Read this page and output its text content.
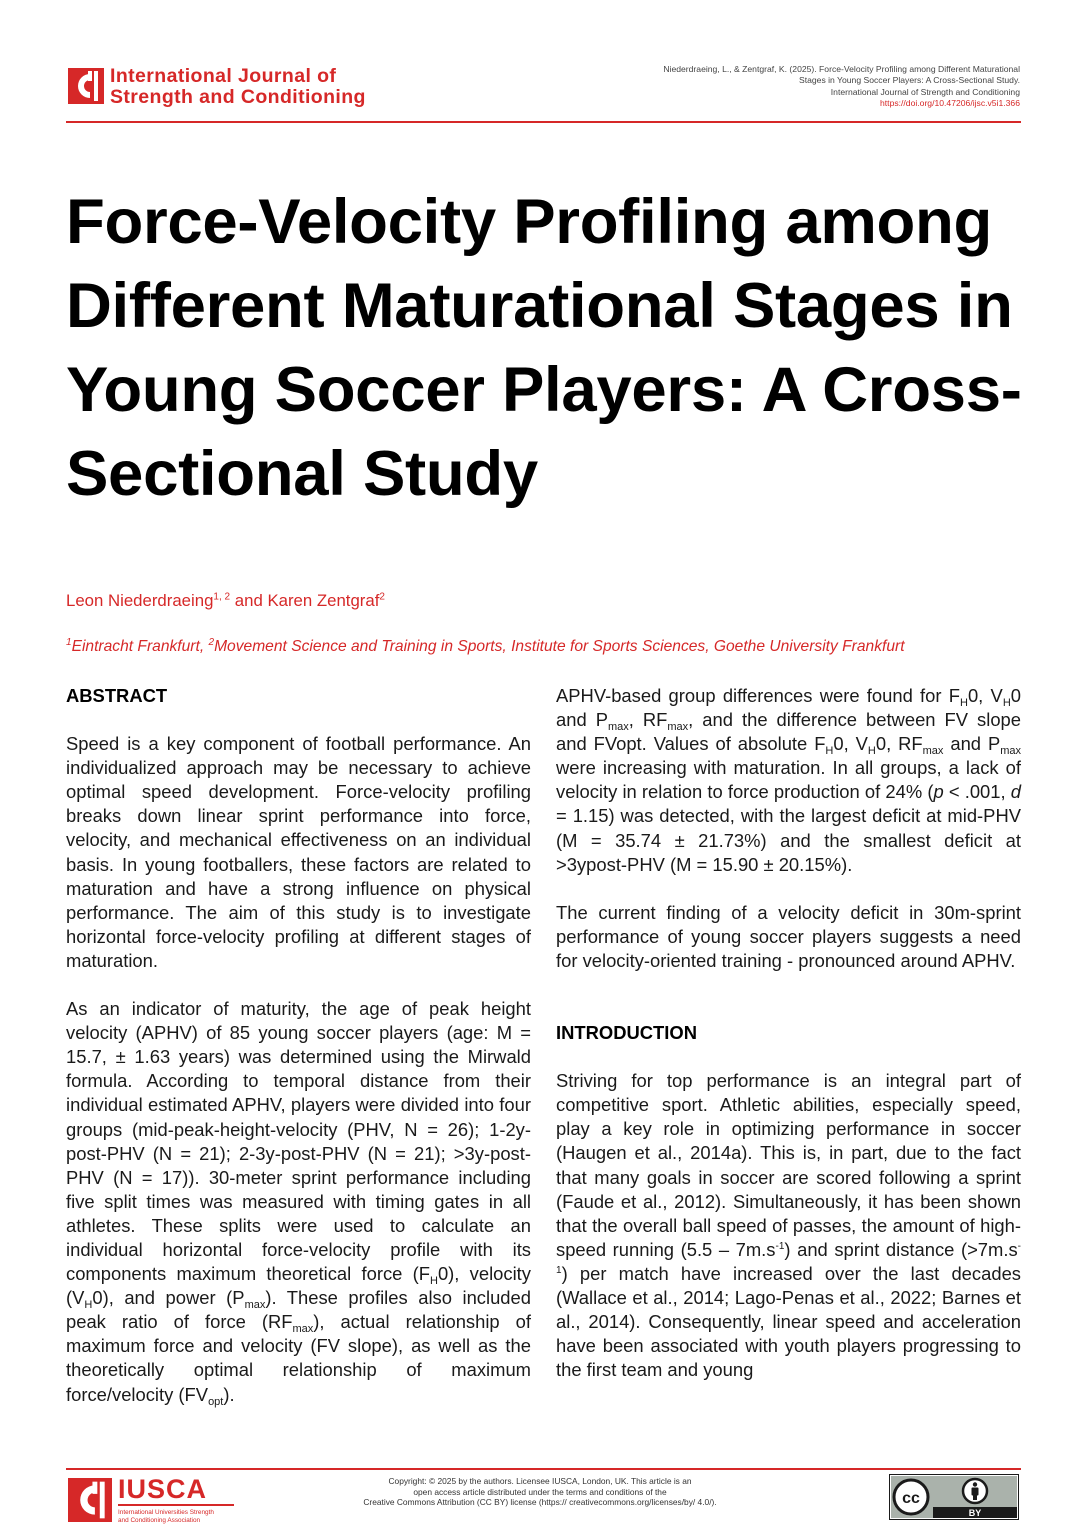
International Journal of
Strength and Conditioning
Niederdraeing, L., & Zentgraf, K. (2025). Force-Velocity Profiling among Different Maturational
Stages in Young Soccer Players: A Cross-Sectional Study.
International Journal of Strength and Conditioning
https://doi.org/10.47206/ijsc.v5i1.366
Force-Velocity Profiling among Different Maturational Stages in Young Soccer Players: A Cross-Sectional Study
Leon Niederdraeing$^{1, 2}$ and Karen Zentgraf$^2$
$^1$Eintracht Frankfurt, $^2$Movement Science and Training in Sports, Institute for Sports Sciences, Goethe University Frankfurt
ABSTRACT

Speed is a key component of football performance. An individualized approach may be necessary to achieve optimal speed development. Force-velocity profiling breaks down linear sprint performance into force, velocity, and mechanical effectiveness on an individual basis. In young footballers, these factors are related to maturation and have a strong influence on physical performance. The aim of this study is to investigate horizontal force-velocity profiling at different stages of maturation.

As an indicator of maturity, the age of peak height velocity (APHV) of 85 young soccer players (age: M = 15.7, ± 1.63 years) was determined using the Mirwald formula. According to temporal distance from their individual estimated APHV, players were divided into four groups (mid-peak-height-velocity (PHV, N = 26); 1-2y-post-PHV (N = 21); 2-3y-post-PHV (N = 21); >3y-post-PHV (N = 17)). 30-meter sprint performance including five split times was measured with timing gates in all athletes. These splits were used to calculate an individual horizontal force-velocity profile with its components maximum theoretical force $(F_H0)$, velocity $(V_H0)$, and power $(P_{max})$. These profiles also included peak ratio of force $(RF_{max})$, actual relationship of maximum force and velocity (FV slope), as well as the theoretically optimal relationship of maximum force/velocity $(FV_{opt})$.

APHV-based group differences were found for $F_H0$, $V_H0$ and $P_{max}$, $RF_{max}$, and the difference between FV slope and FVopt. Values of absolute $F_H0$, $V_H0$, $RF_{max}$ and $P_{max}$ were increasing with maturation. In all groups, a lack of velocity in relation to force production of 24% (p < .001, d = 1.15) was detected, with the largest deficit at mid-PHV (M = 35.74 ± 21.73%) and the smallest deficit at >3ypost-PHV (M = 15.90 ± 20.15%).

The current finding of a velocity deficit in 30m-sprint performance of young soccer players suggests a need for velocity-oriented training - pronounced around APHV.

INTRODUCTION

Striving for top performance is an integral part of competitive sport. Athletic abilities, especially speed, play a key role in optimizing performance in soccer (Haugen et al., 2014a). This is, in part, due to the fact that many goals in soccer are scored following a sprint (Faude et al., 2012). Simultaneously, it has been shown that the overall ball speed of passes, the amount of high-speed running $(5.5 - 7m.s^{-1})$ and sprint distance $(>7m.s^{-1})$ per match have increased over the last decades (Wallace et al., 2014; Lago-Penas et al., 2022; Barnes et al., 2014). Consequently, linear speed and acceleration have been associated with youth players progressing to the first team and young

IUSCA
International Universities Strength
and Conditioning Association
Copyright: © 2025 by the authors. Licensee IUSCA, London, UK. This article is an
open access article distributed under the terms and conditions of the
Creative Commons Attribution (CC BY) license (https:// creativecommons.org/licenses/by/ 4.0/).	cc
BY
